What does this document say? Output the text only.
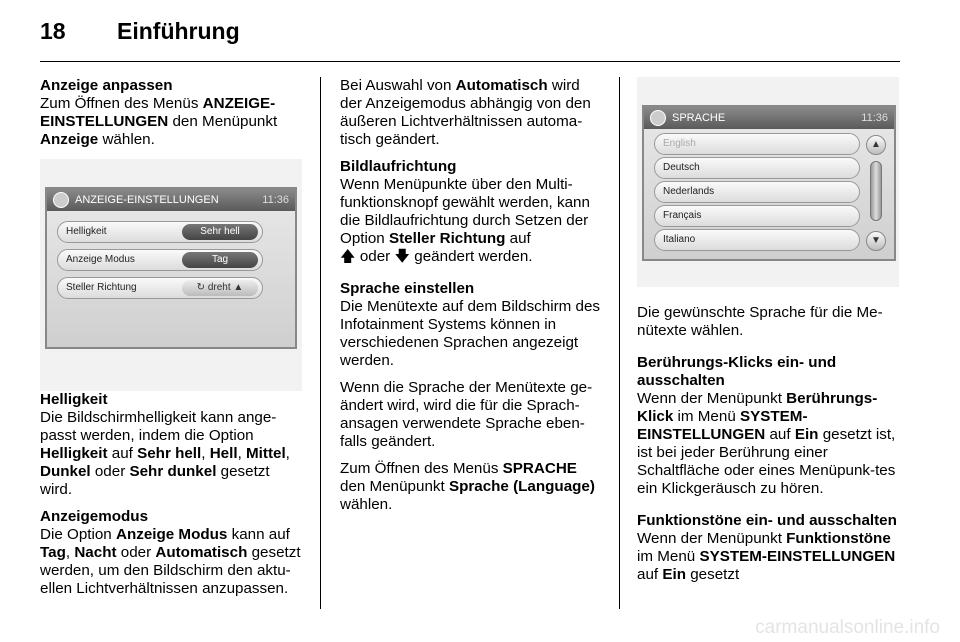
18 Einführung

Anzeige anpassen

Zum Öffnen des Menüs ANZEIGE-EINSTELLUNGEN den Menüpunkt Anzeige wählen.

ANZEIGE-EINSTELLUNGEN	11:36
Helligkeit	Sehr hell
Anzeige Modus	Tag
Steller Richtung	↻ dreht ▲

Helligkeit

Die Bildschirmhelligkeit kann ange-passt werden, indem die Option Helligkeit auf Sehr hell, Hell, Mittel, Dunkel oder Sehr dunkel gesetzt wird.

Anzeigemodus

Die Option Anzeige Modus kann auf Tag, Nacht oder Automatisch gesetzt werden, um den Bildschirm den aktu-ellen Lichtverhältnissen anzupassen.

Bei Auswahl von Automatisch wird der Anzeigemodus abhängig von den äußeren Lichtverhältnissen automa-tisch geändert.

Bildlaufrichtung

Wenn Menüpunkte über den Multi-funktionsknopf gewählt werden, kann die Bildlaufrichtung durch Setzen der Option Steller Richtung auf

🡅 oder 🡇 geändert werden.

Sprache einstellen

Die Menütexte auf dem Bildschirm des Infotainment Systems können in verschiedenen Sprachen angezeigt werden.

Wenn die Sprache der Menütexte ge-ändert wird, wird die für die Sprach-ansagen verwendete Sprache eben-falls geändert.

Zum Öffnen des Menüs SPRACHE den Menüpunkt Sprache (Language) wählen.

SPRACHE	11:36
English
Deutsch
Nederlands
Français
Italiano
▲
▼

Die gewünschte Sprache für die Me-nütexte wählen.

Berührungs-Klicks ein- und ausschalten

Wenn der Menüpunkt Berührungs-Klick im Menü SYSTEM-EINSTELLUNGEN auf Ein gesetzt ist, ist bei jeder Berührung einer Schaltfläche oder eines Menüpunk-tes ein Klickgeräusch zu hören.

Funktionstöne ein- und ausschalten

Wenn der Menüpunkt Funktionstöne im Menü SYSTEM-EINSTELLUNGEN auf Ein gesetzt

carmanualsonline.info
